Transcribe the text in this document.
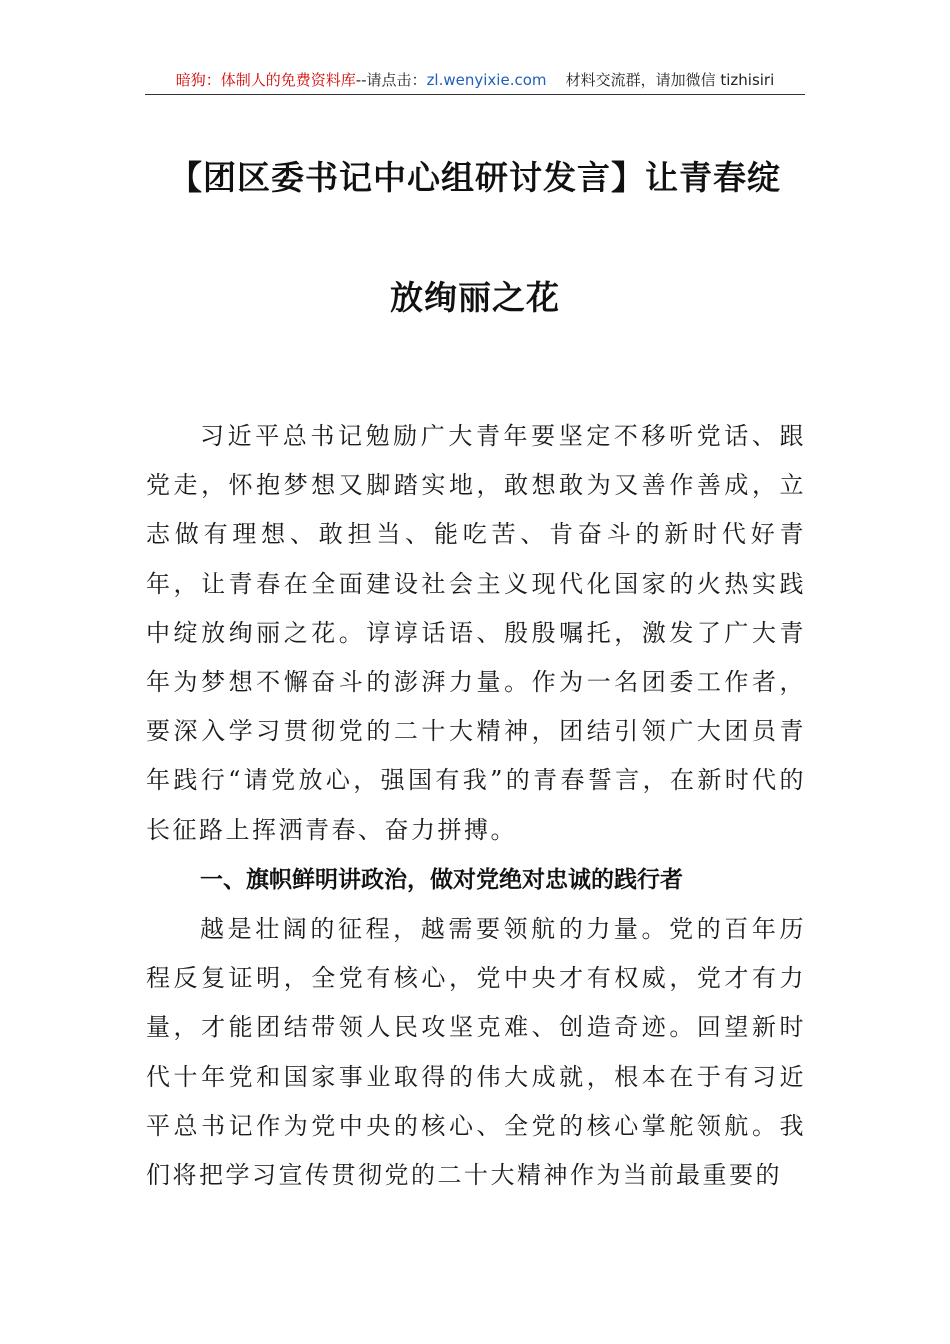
暗狗：体制人的免费资料库--请点击：zl.wenyixie.com 材料交流群，请加微信 tizhisiri
【团区委书记中心组研讨发言】让青春绽
放绚丽之花

习近平总书记勉励广大青年要坚定不移听党话、跟党走，怀抱梦想又脚踏实地，敢想敢为又善作善成，立志做有理想、敢担当、能吃苦、肯奋斗的新时代好青年，让青春在全面建设社会主义现代化国家的火热实践中绽放绚丽之花。谆谆话语、殷殷嘱托，激发了广大青年为梦想不懈奋斗的澎湃力量。作为一名团委工作者，要深入学习贯彻党的二十大精神，团结引领广大团员青年践行“请党放心，强国有我”的青春誓言，在新时代的长征路上挥洒青春、奋力拼搏。

一、旗帜鲜明讲政治，做对党绝对忠诚的践行者

越是壮阔的征程，越需要领航的力量。党的百年历程反复证明，全党有核心，党中央才有权威，党才有力量，才能团结带领人民攻坚克难、创造奇迹。回望新时代十年党和国家事业取得的伟大成就，根本在于有习近平总书记作为党中央的核心、全党的核心掌舵领航。我们将把学习宣传贯彻党的二十大精神作为当前最重要的
